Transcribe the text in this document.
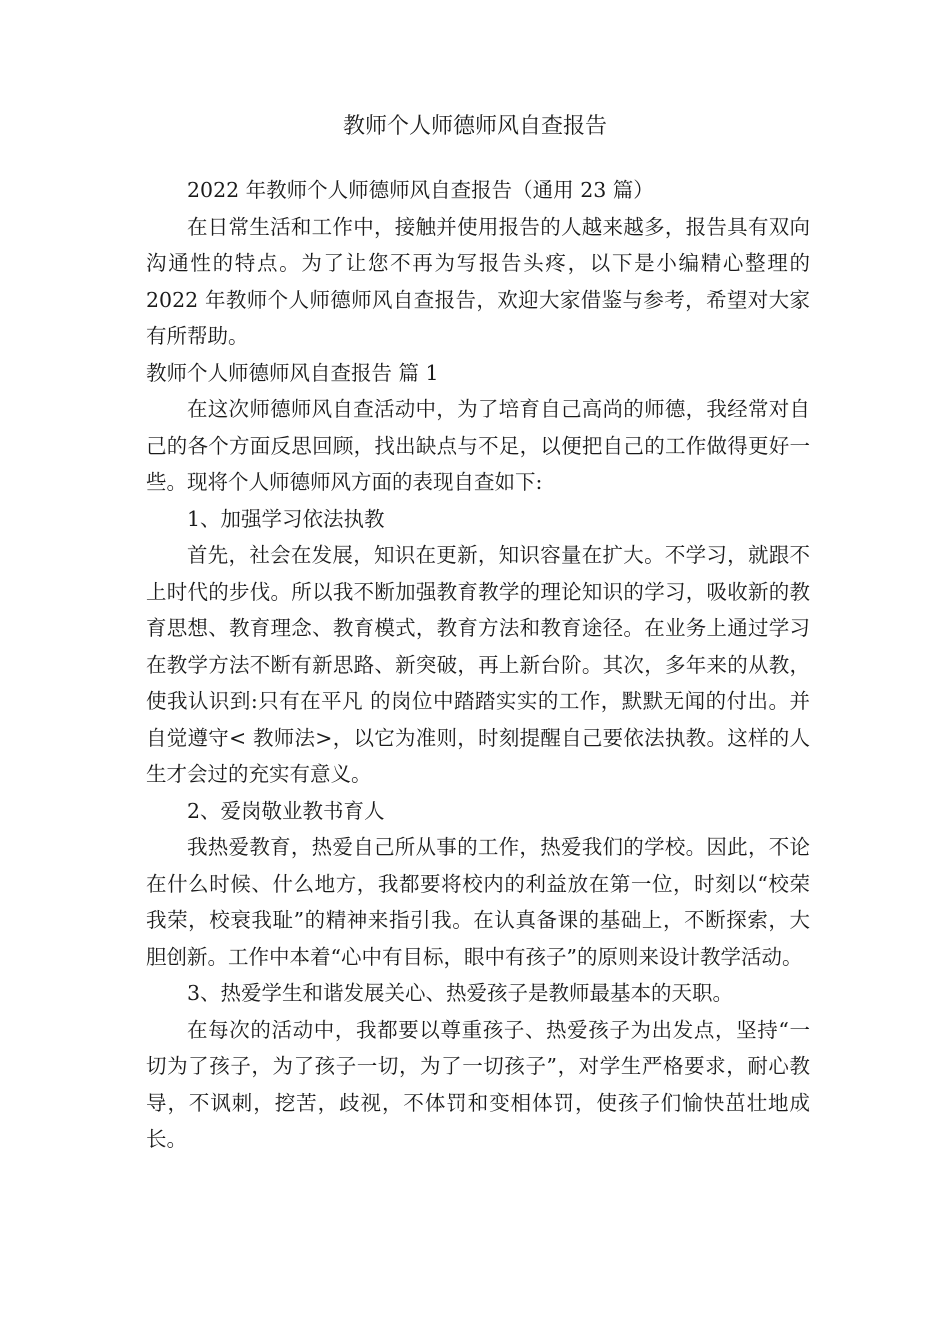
教师个人师德师风自查报告

2022 年教师个人师德师风自查报告（通用 23 篇）

在日常生活和工作中，接触并使用报告的人越来越多，报告具有双向沟通性的特点。为了让您不再为写报告头疼，以下是小编精心整理的2022 年教师个人师德师风自查报告，欢迎大家借鉴与参考，希望对大家有所帮助。

教师个人师德师风自查报告 篇 1

在这次师德师风自查活动中，为了培育自己高尚的师德，我经常对自己的各个方面反思回顾，找出缺点与不足，以便把自己的工作做得更好一些。现将个人师德师风方面的表现自查如下:

1、加强学习依法执教

首先，社会在发展，知识在更新，知识容量在扩大。不学习，就跟不上时代的步伐。所以我不断加强教育教学的理论知识的学习，吸收新的教育思想、教育理念、教育模式，教育方法和教育途径。在业务上通过学习在教学方法不断有新思路、新突破，再上新台阶。其次，多年来的从教，使我认识到:只有在平凡 的岗位中踏踏实实的工作，默默无闻的付出。并自觉遵守< 教师法>，以它为准则，时刻提醒自己要依法执教。这样的人生才会过的充实有意义。

2、爱岗敬业教书育人

我热爱教育，热爱自己所从事的工作，热爱我们的学校。因此，不论在什么时候、什么地方，我都要将校内的利益放在第一位，时刻以“校荣我荣，校衰我耻”的精神来指引我。在认真备课的基础上，不断探索，大胆创新。工作中本着“心中有目标，眼中有孩子”的原则来设计教学活动。

3、热爱学生和谐发展关心、热爱孩子是教师最基本的天职。

在每次的活动中，我都要以尊重孩子、热爱孩子为出发点，坚持“一切为了孩子，为了孩子一切，为了一切孩子”，对学生严格要求，耐心教导，不讽刺，挖苦，歧视，不体罚和变相体罚，使孩子们愉快茁壮地成长。
